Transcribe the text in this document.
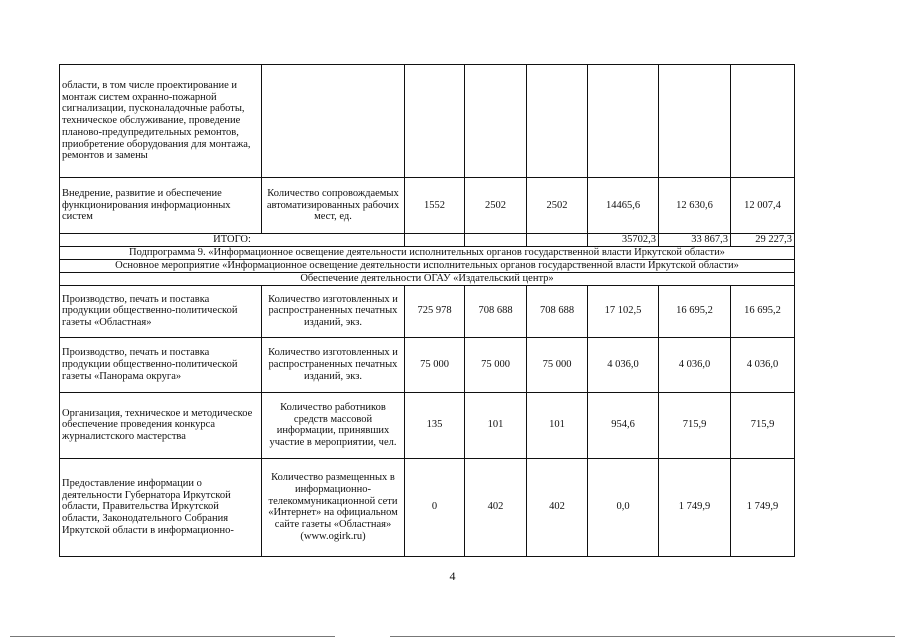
области, в том числе проектирование и монтаж систем охранно-пожарной сигнализации, пусконаладочные работы, техническое обслуживание, проведение планово-предупредительных ремонтов, приобретение оборудования для монтажа, ремонтов и замены							
Внедрение, развитие и обеспечение функционирования информационных систем	Количество сопровождаемых автоматизированных рабочих мест, ед.	1552	2502	2502	14465,6	12 630,6	12 007,4
ИТОГО:					35702,3	33 867,3	29 227,3
Подпрограмма 9. «Информационное освещение деятельности исполнительных органов государственной власти Иркутской области»							
Основное мероприятие «Информационное освещение деятельности исполнительных органов государственной власти Иркутской области»							
Обеспечение деятельности ОГАУ «Издательский центр»							
Производство, печать и поставка продукции общественно-политической газеты «Областная»	Количество изготовленных и распространенных печатных изданий, экз.	725 978	708 688	708 688	17 102,5	16 695,2	16 695,2
Производство, печать и поставка продукции общественно-политической газеты «Панорама округа»	Количество изготовленных и распространенных печатных изданий, экз.	75 000	75 000	75 000	4 036,0	4 036,0	4 036,0
Организация, техническое и методическое обеспечение проведения конкурса журналистского мастерства	Количество работников средств массовой информации, принявших участие в мероприятии, чел.	135	101	101	954,6	715,9	715,9
Предоставление информации о деятельности Губернатора Иркутской области, Правительства Иркутской области, Законодательного Собрания Иркутской области в информационно-	Количество размещенных в информационно-телекоммуникационной сети «Интернет» на официальном сайте газеты «Областная» (www.ogirk.ru)	0	402	402	0,0	1 749,9	1 749,9
4
